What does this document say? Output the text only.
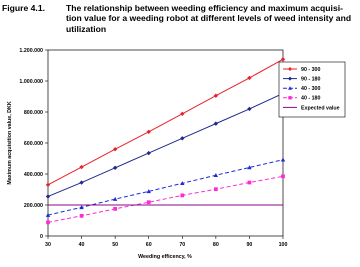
Figure 4.1. The relationship between weeding efficiency and maximum acquisi-tion value for a weeding robot at different levels of weed intensity and utilization
0
200.000
400.000
600.000
800.000
1.000.000
1.200.000
30	40	50	60	70	80	90	100
Weeding efficency, %
Maximum acquisition value, DKK
90 - 300
90 - 180
40 - 300
40 - 180
Expected value
